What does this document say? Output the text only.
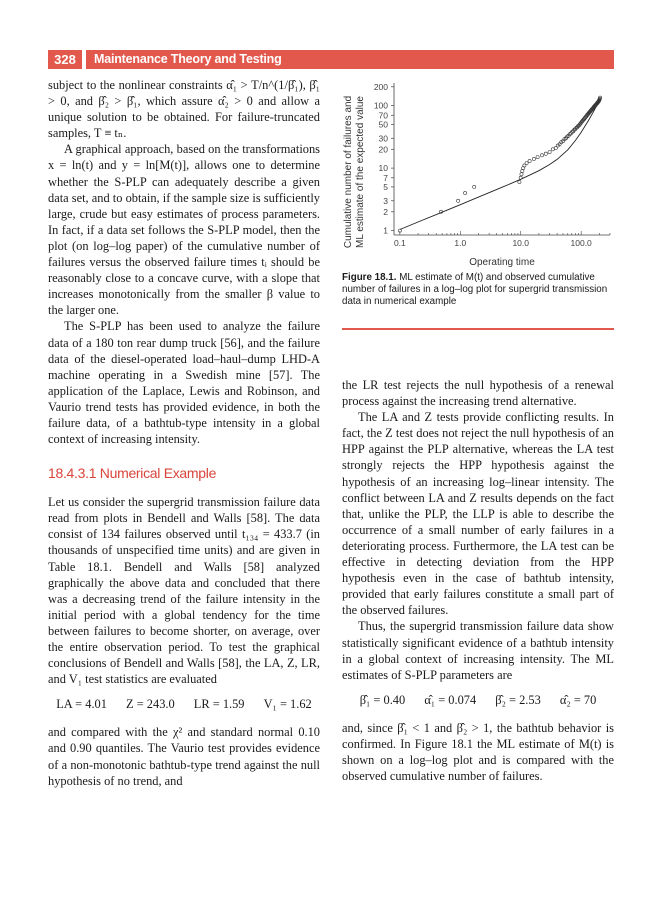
328	Maintenance Theory and Testing

subject to the nonlinear constraints α̂₁ > T/n^(1/β̂₁), β̂₁ > 0, and β̂₂ > β̂₁, which assure α̂₂ > 0 and allow a unique solution to be obtained. For failure-truncated samples, T ≡ tₙ.

A graphical approach, based on the transformations x = ln(t) and y = ln[M(t)], allows one to determine whether the S-PLP can adequately describe a given data set, and to obtain, if the sample size is sufficiently large, crude but easy estimates of process parameters. In fact, if a data set follows the S-PLP model, then the plot (on log–log paper) of the cumulative number of failures versus the observed failure times tᵢ should be reasonably close to a concave curve, with a slope that increases monotonically from the smaller β value to the larger one.

The S-PLP has been used to analyze the failure data of a 180 ton rear dump truck [56], and the failure data of the diesel-operated load–haul–dump LHD-A machine operating in a Swedish mine [57]. The application of the Laplace, Lewis and Robinson, and Vaurio trend tests has provided evidence, in both the failure data, of a bathtub-type intensity in a global context of increasing intensity.

18.4.3.1 Numerical Example

Let us consider the supergrid transmission failure data read from plots in Bendell and Walls [58]. The data consist of 134 failures observed until t₁₃₄ = 433.7 (in thousands of unspecified time units) and are given in Table 18.1. Bendell and Walls [58] analyzed graphically the above data and concluded that there was a decreasing trend of the failure intensity in the initial period with a global tendency for the time between failures to become shorter, on average, over the entire observation period. To test the graphical conclusions of Bendell and Walls [58], the LA, Z, LR, and V₁ test statistics are evaluated

LA = 4.01 Z = 243.0 LR = 1.59 V₁ = 1.62

and compared with the χ² and standard normal 0.10 and 0.90 quantiles. The Vaurio test provides evidence of a non-monotonic bathtub-type trend against the null hypothesis of no trend, and

Cumulative number of failures and ML estimate of the expected value 1
2
3
5
7
10
20
30
50
70
100
200
0.1	1.0	10.0	100.0
Operating time
Figure 18.1. ML estimate of M(t) and observed cumulative number of failures in a log–log plot for supergrid transmission data in numerical example

the LR test rejects the null hypothesis of a renewal process against the increasing trend alternative.

The LA and Z tests provide conflicting results. In fact, the Z test does not reject the null hypothesis of an HPP against the PLP alternative, whereas the LA test strongly rejects the HPP hypothesis against the hypothesis of an increasing log–linear intensity. The conflict between LA and Z results depends on the fact that, unlike the PLP, the LLP is able to describe the occurrence of a small number of early failures in a deteriorating process. Furthermore, the LA test can be effective in detecting deviation from the HPP hypothesis even in the case of bathtub intensity, provided that early failures constitute a small part of the observed failures.

Thus, the supergrid transmission failure data show statistically significant evidence of a bathtub intensity in a global context of increasing intensity. The ML estimates of S-PLP parameters are

β̂₁ = 0.40 α̂₁ = 0.074 β̂₂ = 2.53 α̂₂ = 70

and, since β̂₁ < 1 and β̂₂ > 1, the bathtub behavior is confirmed. In Figure 18.1 the ML estimate of M(t) is shown on a log–log plot and is compared with the observed cumulative number of failures.
